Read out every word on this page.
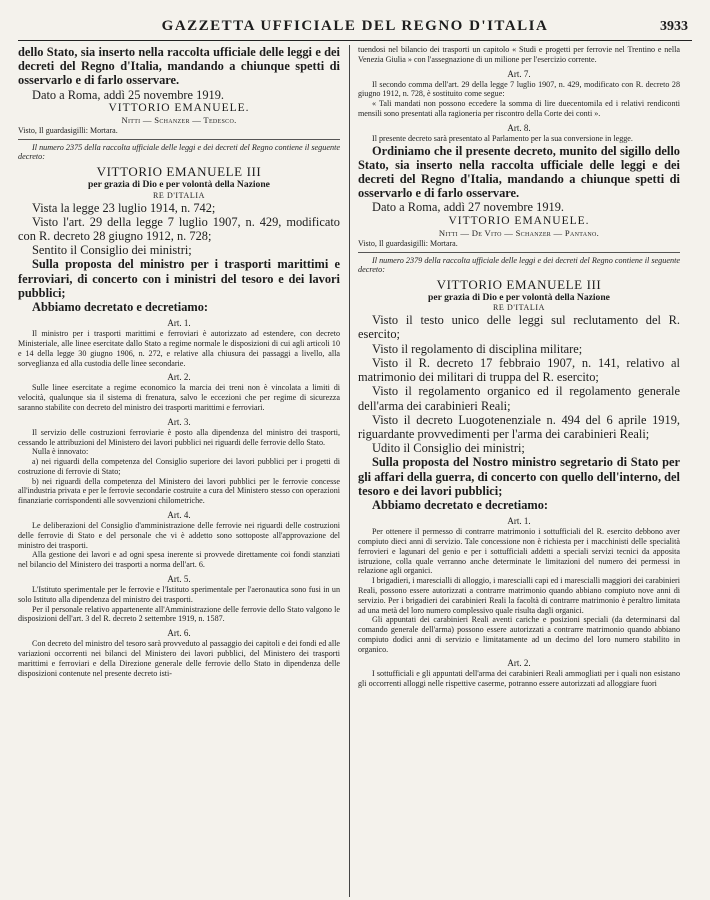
GAZZETTA UFFICIALE DEL REGNO D'ITALIA	3933

dello Stato, sia inserto nella raccolta ufficiale delle leggi e dei decreti del Regno d'Italia, mandando a chiunque spetti di osservarlo e di farlo osservare.

Dato a Roma, addì 25 novembre 1919.

VITTORIO EMANUELE.

Nitti — Schanzer — Tedesco.

Visto, Il guardasigilli: Mortara.

Il numero 2375 della raccolta ufficiale delle leggi e dei decreti del Regno contiene il seguente decreto:

VITTORIO EMANUELE III

per grazia di Dio e per volontà della Nazione

RE D'ITALIA

Vista la legge 23 luglio 1914, n. 742;

Visto l'art. 29 della legge 7 luglio 1907, n. 429, modificato con R. decreto 28 giugno 1912, n. 728;

Sentito il Consiglio dei ministri;

Sulla proposta del ministro per i trasporti marittimi e ferroviari, di concerto con i ministri del tesoro e dei lavori pubblici;

Abbiamo decretato e decretiamo:

Art. 1.

Il ministro per i trasporti marittimi e ferroviari è autorizzato ad estendere, con decreto Ministeriale, alle linee esercitate dallo Stato a regime normale le disposizioni di cui agli articoli 10 e 14 della legge 30 giugno 1906, n. 272, e relative alla chiusura dei passaggi a livello, alla sorveglianza ed alla custodia delle linee secondarie.

Art. 2.

Sulle linee esercitate a regime economico la marcia dei treni non è vincolata a limiti di velocità, qualunque sia il sistema di frenatura, salvo le eccezioni che per regime di sicurezza saranno stabilite con decreto del ministro dei trasporti marittimi e ferroviari.

Art. 3.

Il servizio delle costruzioni ferroviarie è posto alla dipendenza del ministro dei trasporti, cessando le attribuzioni del Ministero dei lavori pubblici nei riguardi delle ferrovie dello Stato.

Nulla è innovato:

a) nei riguardi della competenza del Consiglio superiore dei lavori pubblici per i progetti di costruzione di ferrovie di Stato;

b) nei riguardi della competenza del Ministero dei lavori pubblici per le ferrovie concesse all'industria privata e per le ferrovie secondarie costruite a cura del Ministero stesso con operazioni finanziarie corrispondenti alle sovvenzioni chilometriche.

Art. 4.

Le deliberazioni del Consiglio d'amministrazione delle ferrovie nei riguardi delle costruzioni delle ferrovie di Stato e del personale che vi è addetto sono sottoposte all'approvazione del ministro dei trasporti.

Alla gestione dei lavori e ad ogni spesa inerente si provvede direttamente coi fondi stanziati nel bilancio del Ministero dei trasporti a norma dell'art. 6.

Art. 5.

L'Istituto sperimentale per le ferrovie e l'Istituto sperimentale per l'aeronautica sono fusi in un solo Istituto alla dipendenza del ministro dei trasporti.

Per il personale relativo appartenente all'Amministrazione delle ferrovie dello Stato valgono le disposizioni dell'art. 3 del R. decreto 2 settembre 1919, n. 1587.

Art. 6.

Con decreto del ministro del tesoro sarà provveduto al passaggio dei capitoli e dei fondi ed alle variazioni occorrenti nei bilanci del Ministero dei lavori pubblici, del Ministero dei trasporti marittimi e ferroviari e della Direzione generale delle ferrovie dello Stato in dipendenza delle disposizioni contenute nel presente decreto isti-

tuendosi nel bilancio dei trasporti un capitolo « Studi e progetti per ferrovie nel Trentino e nella Venezia Giulia » con l'assegnazione di un milione per l'esercizio corrente.

Art. 7.

Il secondo comma dell'art. 29 della legge 7 luglio 1907, n. 429, modificato con R. decreto 28 giugno 1912, n. 728, è sostituito come segue:

« Tali mandati non possono eccedere la somma di lire duecentomila ed i relativi rendiconti mensili sono presentati alla ragioneria per riscontro della Corte dei conti ».

Art. 8.

Il presente decreto sarà presentato al Parlamento per la sua conversione in legge.

Ordiniamo che il presente decreto, munito del sigillo dello Stato, sia inserto nella raccolta ufficiale delle leggi e dei decreti del Regno d'Italia, mandando a chiunque spetti di osservarlo e di farlo osservare.

Dato a Roma, addì 27 novembre 1919.

VITTORIO EMANUELE.

Nitti — De Vito — Schanzer — Pantano.

Visto, Il guardasigilli: Mortara.

Il numero 2379 della raccolta ufficiale delle leggi e dei decreti del Regno contiene il seguente decreto:

VITTORIO EMANUELE III

per grazia di Dio e per volontà della Nazione

RE D'ITALIA

Visto il testo unico delle leggi sul reclutamento del R. esercito;

Visto il regolamento di disciplina militare;

Visto il R. decreto 17 febbraio 1907, n. 141, relativo al matrimonio dei militari di truppa del R. esercito;

Visto il regolamento organico ed il regolamento generale dell'arma dei carabinieri Reali;

Visto il decreto Luogotenenziale n. 494 del 6 aprile 1919, riguardante provvedimenti per l'arma dei carabinieri Reali;

Udito il Consiglio dei ministri;

Sulla proposta del Nostro ministro segretario di Stato per gli affari della guerra, di concerto con quello dell'interno, del tesoro e dei lavori pubblici;

Abbiamo decretato e decretiamo:

Art. 1.

Per ottenere il permesso di contrarre matrimonio i sottufficiali del R. esercito debbono aver compiuto dieci anni di servizio. Tale concessione non è richiesta per i macchinisti delle specialità ferrovieri e lagunari del genio e per i sottufficiali addetti a speciali servizi tecnici da apposita istruzione, colla quale verranno anche determinate le limitazioni del numero dei permessi in relazione agli organici.

I brigadieri, i marescialli di alloggio, i marescialli capi ed i marescialli maggiori dei carabinieri Reali, possono essere autorizzati a contrarre matrimonio quando abbiano compiuto nove anni di servizio. Per i brigadieri dei carabinieri Reali la facoltà di contrarre matrimonio è peraltro limitata ad una metà del loro numero complessivo quale risulta dagli organici.

Gli appuntati dei carabinieri Reali aventi cariche e posizioni speciali (da determinarsi dal comando generale dell'arma) possono essere autorizzati a contrarre matrimonio quando abbiano compiuto dodici anni di servizio e limitatamente ad un decimo del loro numero stabilito in organico.

Art. 2.

I sottufficiali e gli appuntati dell'arma dei carabinieri Reali ammogliati per i quali non esistano gli occorrenti alloggi nelle rispettive caserme, potranno essere autorizzati ad alloggiare fuori
